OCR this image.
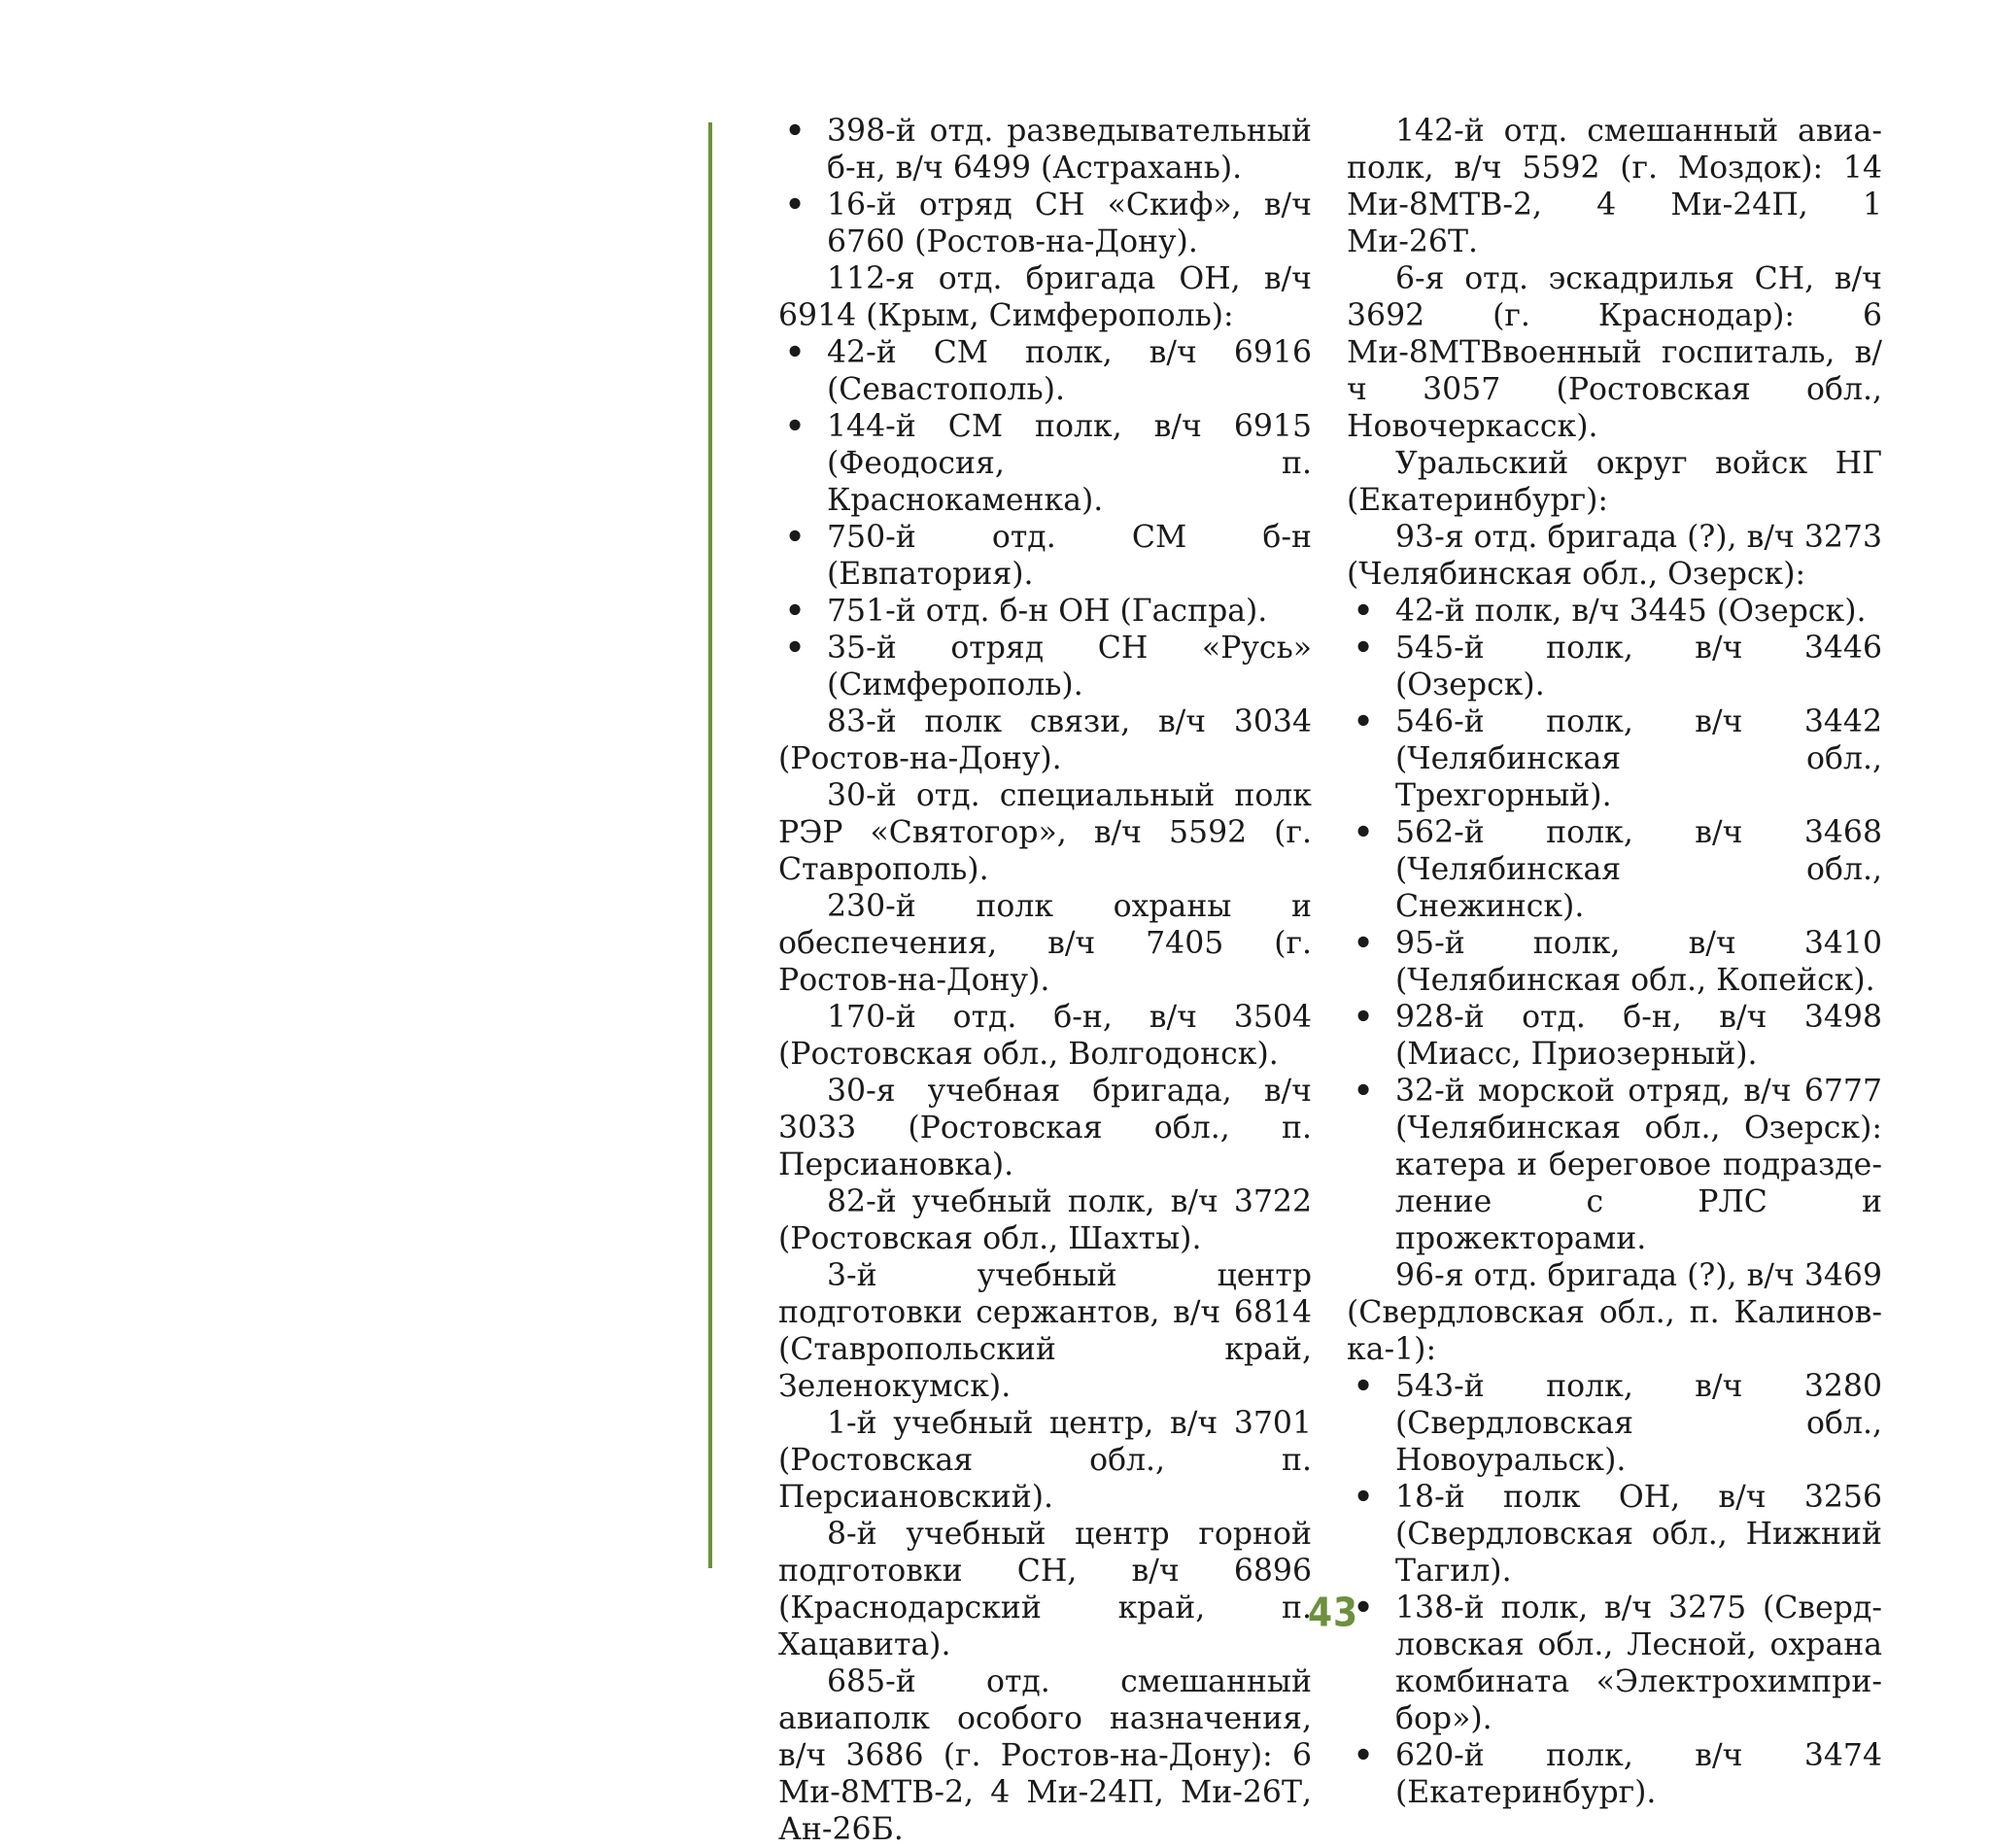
• 398-й отд. разведывательный б-н, в/ч 6499 (Астрахань).
• 16-й отряд СН «Скиф», в/ч 6760 (Ростов-на-Дону).

112-я отд. бригада ОН, в/ч 6914 (Крым, Симферополь):

• 42-й СМ полк, в/ч 6916 (Севастополь).
• 144-й СМ полк, в/ч 6915 (Феодосия, п. Краснокаменка).
• 750-й отд. СМ б-н (Евпатория).
• 751-й отд. б-н ОН (Гаспра).
• 35-й отряд СН «Русь» (Симферополь).

83-й полк связи, в/ч 3034 (Ростов-на-Дону).

30-й отд. специальный полк РЭР «Святогор», в/ч 5592 (г. Ставрополь).

230-й полк охраны и обеспечения, в/ч 7405 (г. Ростов-на-Дону).

170-й отд. б-н, в/ч 3504 (Ростовская обл., Волгодонск).

30-я учебная бригада, в/ч 3033 (Ростовская обл., п. Персиановка).

82-й учебный полк, в/ч 3722 (Ростовская обл., Шахты).

3-й учебный центр подготовки сержантов, в/ч 6814 (Ставропольский край, Зеленокумск).

1-й учебный центр, в/ч 3701 (Ростовская обл., п. Персиановский).

8-й учебный центр горной подготовки СН, в/ч 6896 (Краснодарский край, п. Хацавита).

685-й отд. смешанный авиаполк особого назначения, в/ч 3686 (г. Ростов-на-Дону): 6 Ми-8МТВ-2, 4 Ми-24П, Ми-26Т, Ан-26Б.

142-й отд. смешанный авиаполк, в/ч 5592 (г. Моздок): 14 Ми-8МТВ-2, 4 Ми-24П, 1 Ми-26Т.

6-я отд. эскадрилья СН, в/ч 3692 (г. Краснодар): 6 Ми-8МТВвоенный госпиталь, в/ч 3057 (Ростовская обл., Новочеркасск).

Уральский округ войск НГ (Екатеринбург):

93-я отд. бригада (?), в/ч 3273 (Челябинская обл., Озерск):

• 42-й полк, в/ч 3445 (Озерск).
• 545-й полк, в/ч 3446 (Озерск).
• 546-й полк, в/ч 3442 (Челябинская обл., Трехгорный).
• 562-й полк, в/ч 3468 (Челябинская обл., Снежинск).
• 95-й полк, в/ч 3410 (Челябинская обл., Копейск).
• 928-й отд. б-н, в/ч 3498 (Миасс, Приозерный).
• 32-й морской отряд, в/ч 6777 (Челябинская обл., Озерск): катера и береговое подразделение с РЛС и прожекторами.

96-я отд. бригада (?), в/ч 3469 (Свердловская обл., п. Калиновка-1):

• 543-й полк, в/ч 3280 (Свердловская обл., Новоуральск).
• 18-й полк ОН, в/ч 3256 (Свердловская обл., Нижний Тагил).
• 138-й полк, в/ч 3275 (Свердловская обл., Лесной, охрана комбината «Электрохимприбор»).
• 620-й полк, в/ч 3474 (Екатеринбург).
43
